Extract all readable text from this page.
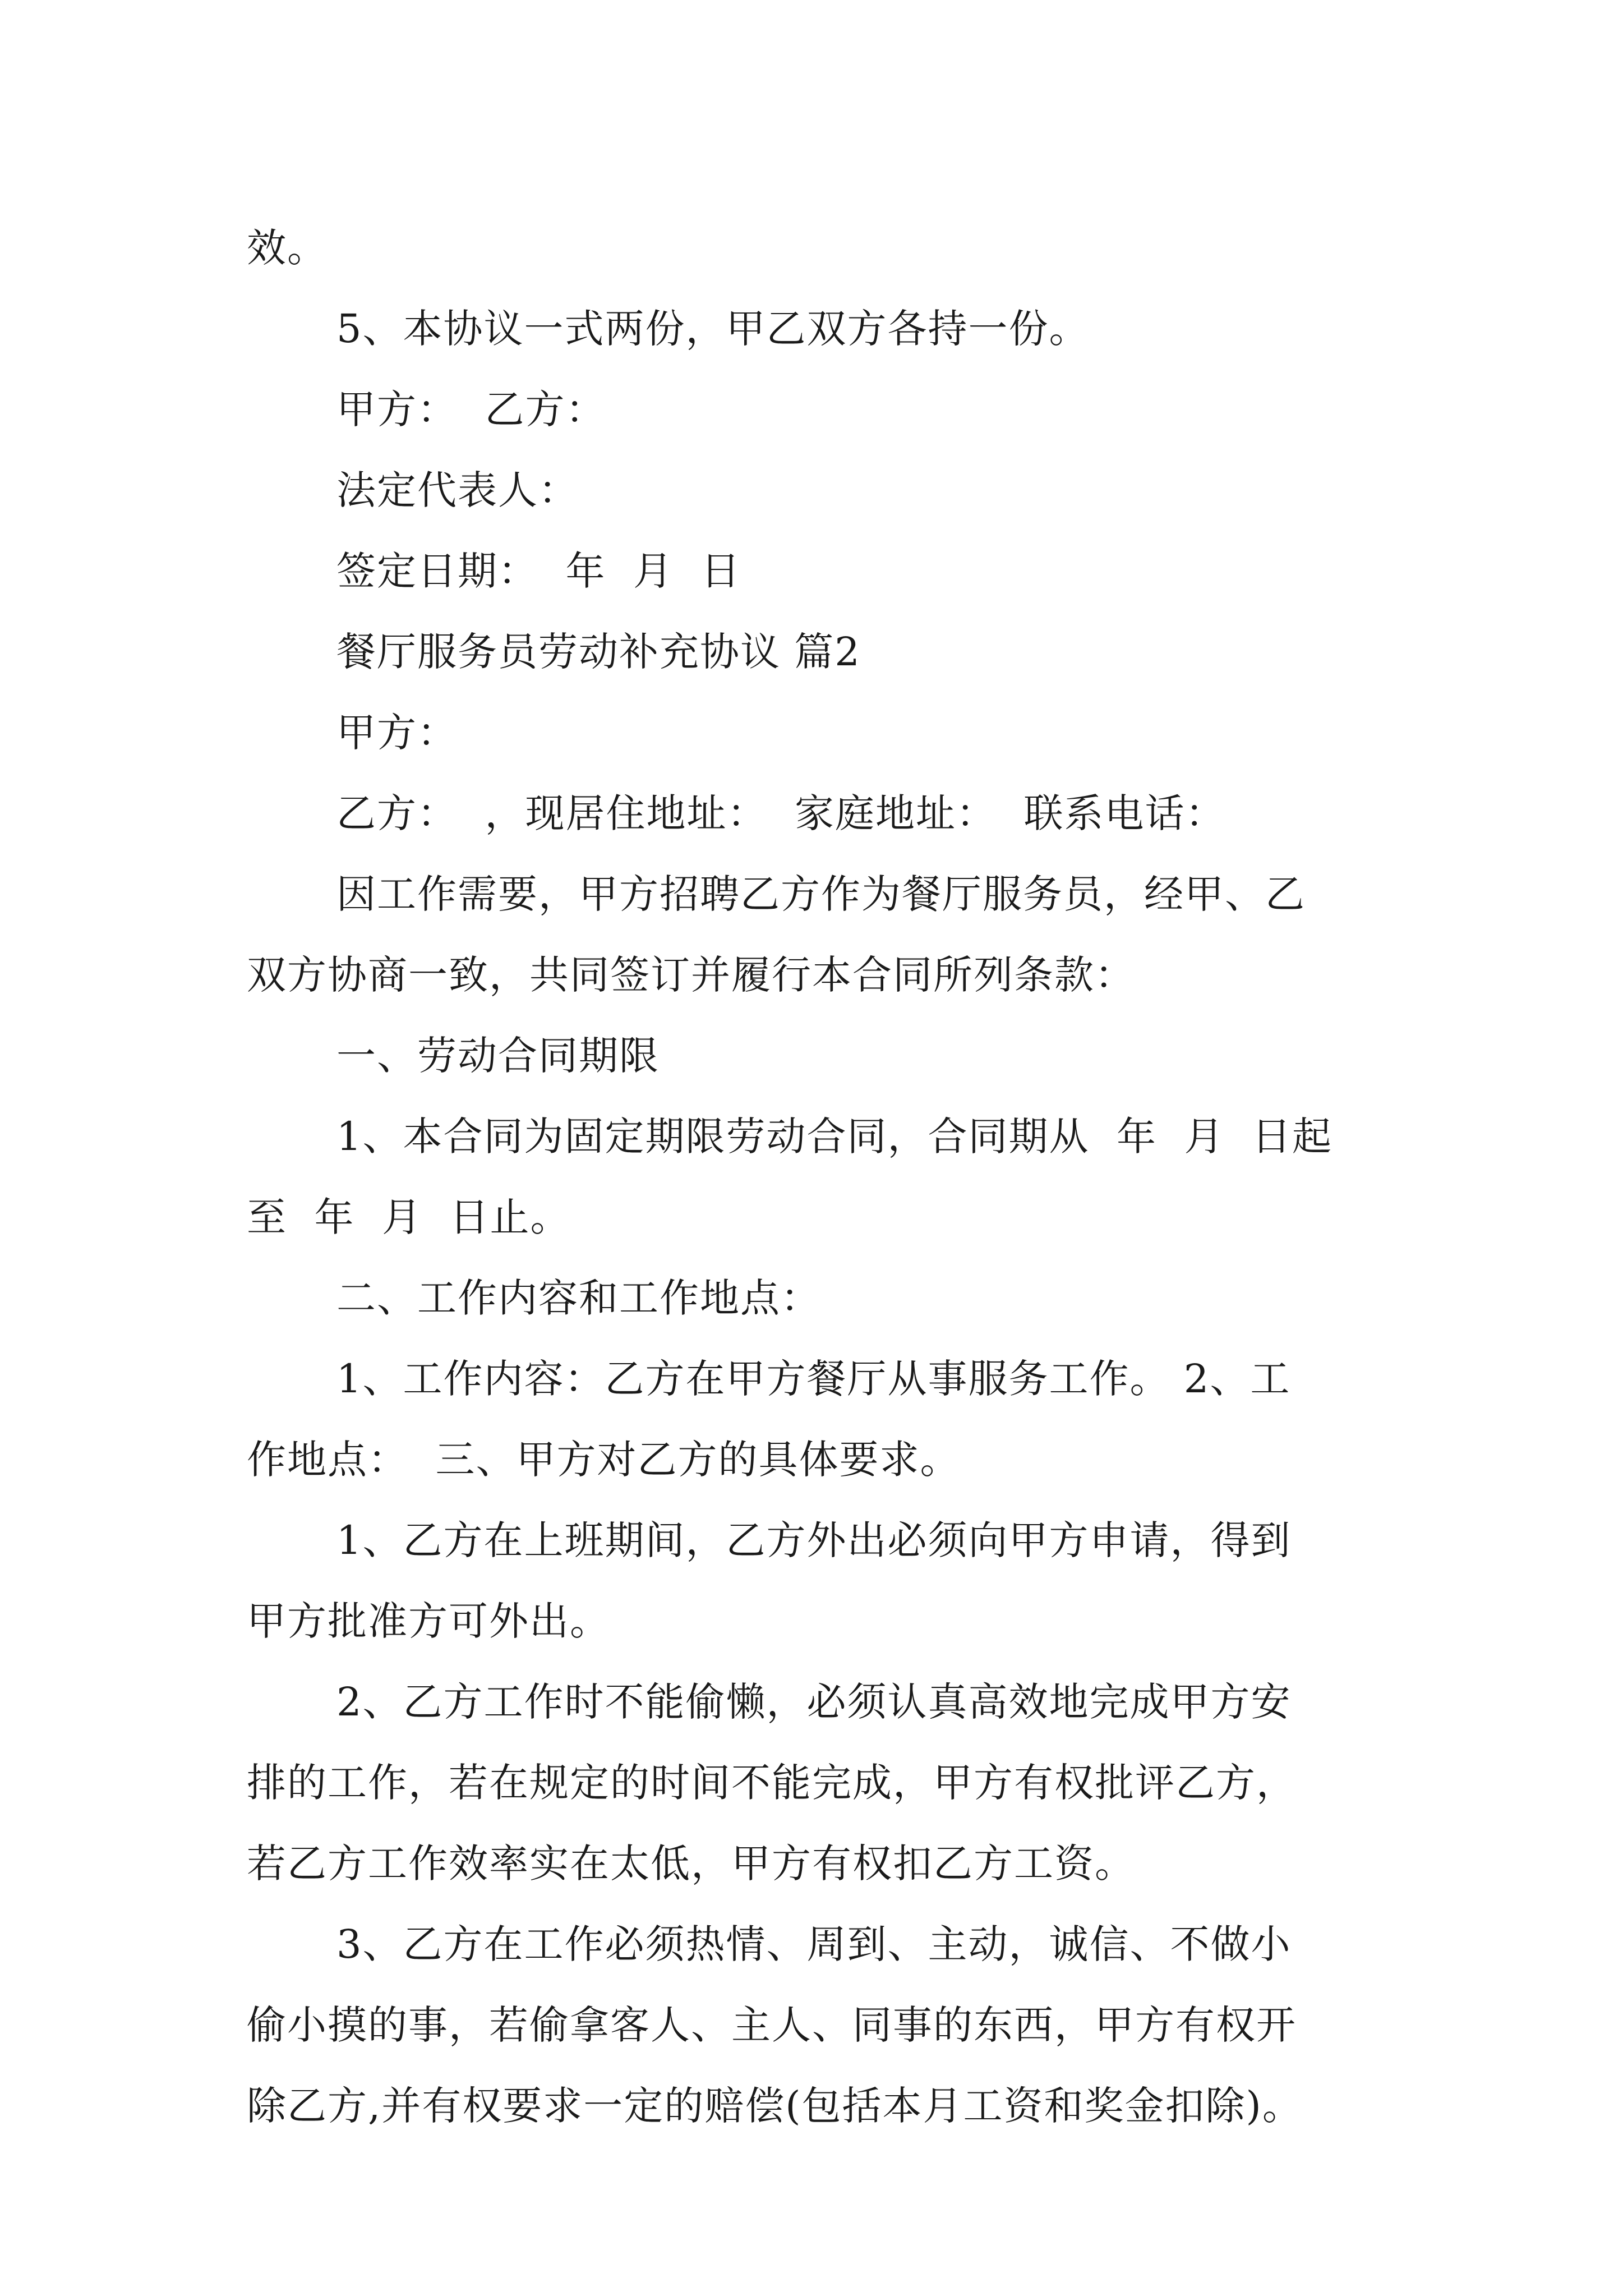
效。
5、本协议一式两份，甲乙双方各持一份。
甲方：  乙方：
法定代表人：
签定日期：  年  月  日
餐厅服务员劳动补充协议 篇2
甲方：
乙方：  ，现居住地址：  家庭地址：  联系电话：
因工作需要，甲方招聘乙方作为餐厅服务员，经甲、乙
双方协商一致，共同签订并履行本合同所列条款：
一、劳动合同期限
1、本合同为固定期限劳动合同，合同期从  年  月  日起
至  年  月  日止。
二、工作内容和工作地点：
1、工作内容：乙方在甲方餐厅从事服务工作。 2、工
作地点：  三、甲方对乙方的具体要求。
1、乙方在上班期间，乙方外出必须向甲方申请，得到
甲方批准方可外出。
2、乙方工作时不能偷懒，必须认真高效地完成甲方安
排的工作，若在规定的时间不能完成，甲方有权批评乙方，
若乙方工作效率实在太低，甲方有权扣乙方工资。
3、乙方在工作必须热情、周到、主动，诚信、不做小
偷小摸的事，若偷拿客人、主人、同事的东西，甲方有权开
除乙方,并有权要求一定的赔偿(包括本月工资和奖金扣除)。
